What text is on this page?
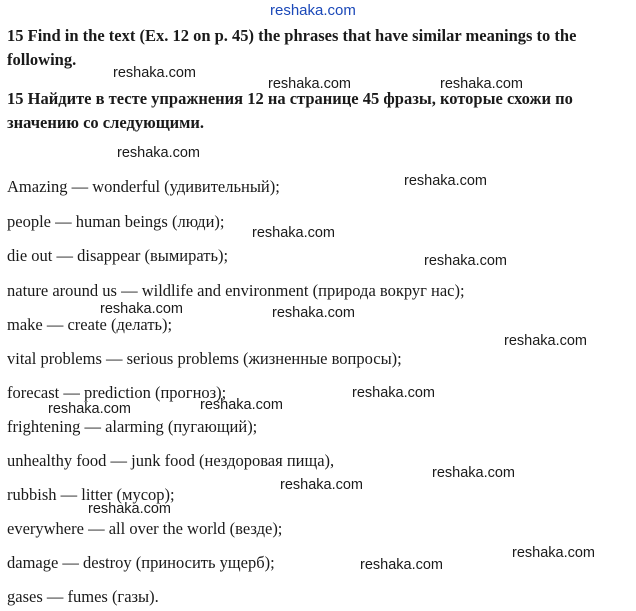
reshaka.com

15 Find in the text (Ex. 12 on p. 45) the phrases that have similar meanings to the following.

15 Найдите в тесте упражнения 12 на странице 45 фразы, которые схожи по значению со следующими.

Amazing — wonderful (удивительный);
people — human beings (люди);
die out — disappear (вымирать);
nature around us — wildlife and environment (природа вокруг нас);
make — create (делать);
vital problems — serious problems (жизненные вопросы);
forecast — prediction (прогноз);
frightening — alarming (пугающий);
unhealthy food — junk food (нездоровая пища),
rubbish — litter (мусор);
everywhere — all over the world (везде);
damage — destroy (приносить ущерб);
gases — fumes (газы).
reshaka.com
reshaka.com	reshaka.com
reshaka.com
reshaka.com
reshaka.com
reshaka.com
reshaka.com	reshaka.com
reshaka.com
reshaka.com
reshaka.com
reshaka.com
reshaka.com
reshaka.com
reshaka.com
reshaka.com
reshaka.com
